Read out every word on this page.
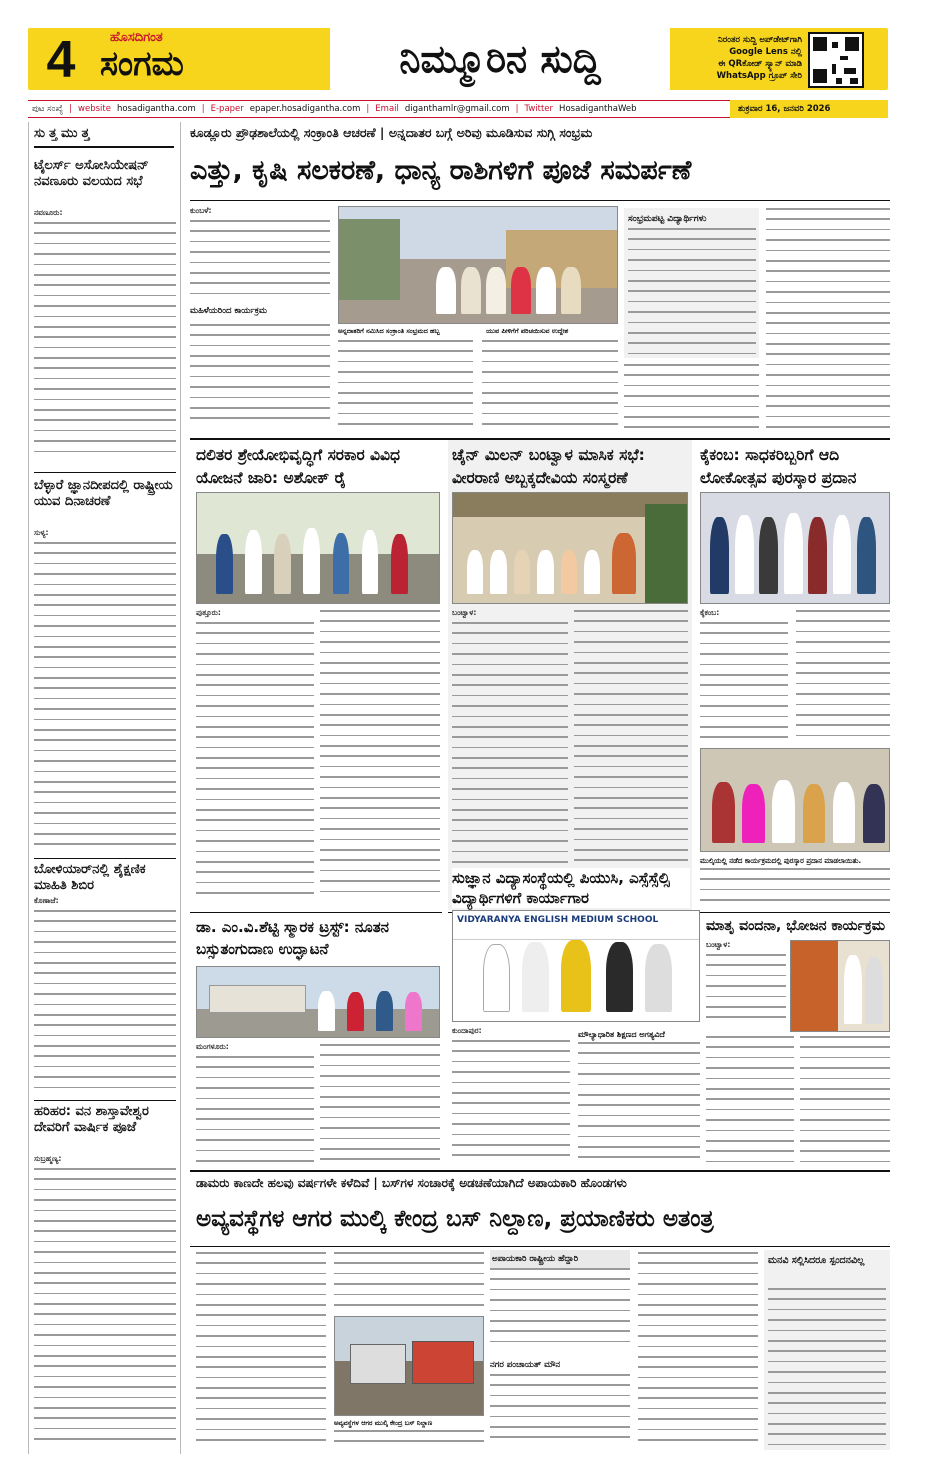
4	ಹೊಸದಿಗಂತ
ಸಂಗಮ	ನಿಮ್ಮೂರಿನ ಸುದ್ದಿ	ನಿರಂತರ ಸುದ್ದಿ ಅಪ್‌ಡೇಟ್‌ಗಾಗಿ
Google Lens ನಲ್ಲಿ
ಈ QRಕೋಡ್ ಸ್ಕ್ಯಾನ್ ಮಾಡಿ
WhatsApp ಗ್ರೂಪ್ ಸೇರಿ
ಪುಟ ಸಂಖ್ಯೆ | website hosadigantha.com | E-paper epaper.hosadigantha.com | Email diganthamlr@gmail.com | Twitter HosadiganthaWeb	ಶುಕ್ರವಾರ 16, ಜನವರಿ 2026
ಸುತ್ತಮುತ್ತ
ಟೈಲರ್ಸ್ ಅಸೋಸಿಯೇಷನ್ ನವಣೂರು ವಲಯದ ಸಭೆ
ನವಣೂರು:
ಬೆಳ್ಳಾರೆ ಜ್ಞಾನದೀಪದಲ್ಲಿ ರಾಷ್ಟ್ರೀಯ ಯುವ ದಿನಾಚರಣೆ
ಸುಳ್ಯ:
ಬೋಳಿಯಾರ್‌ನಲ್ಲಿ ಶೈಕ್ಷಣಿಕ ಮಾಹಿತಿ ಶಿಬಿರ
ಕೊಣಾಜೆ:
ಹರಿಹರ: ವನ ಶಾಸ್ತಾವೇಶ್ವರ ದೇವರಿಗೆ ವಾರ್ಷಿಕ ಪೂಜೆ
ಸುಬ್ರಹ್ಮಣ್ಯ:
ಕೂಡ್ಲೂರು ಪ್ರೌಢಶಾಲೆಯಲ್ಲಿ ಸಂಕ್ರಾಂತಿ ಆಚರಣೆ | ಅನ್ನದಾತರ ಬಗ್ಗೆ ಅರಿವು ಮೂಡಿಸುವ ಸುಗ್ಗಿ ಸಂಭ್ರಮ
ಎತ್ತು, ಕೃಷಿ ಸಲಕರಣೆ, ಧಾನ್ಯ ರಾಶಿಗಳಿಗೆ ಪೂಜೆ ಸಮರ್ಪಣೆ
ಕುಂಬಳೆ:
ಮಹಿಳೆಯರಿಂದ ಕಾರ್ಯಕ್ರಮ
ಅನ್ನದಾತರಿಗೆ ನಮಿಸಿದ ಸಂಕ್ರಾಂತಿ ಸಂಭ್ರಮದ ಹಬ್ಬ	ಯುವ ಪೀಳಿಗೆಗೆ ಪರಿಚಯಿಸುವ ಉದ್ದೇಶ
ಸಂಭ್ರಮಪಟ್ಟ ವಿದ್ಯಾರ್ಥಿಗಳು
ದಲಿತರ ಶ್ರೇಯೋಭಿವೃದ್ಧಿಗೆ ಸರಕಾರ ವಿವಿಧ ಯೋಜನೆ ಜಾರಿ: ಅಶೋಕ್ ರೈ
ಪುತ್ತೂರು:
ಚೈನ್ ಮಿಲನ್ ಬಂಟ್ವಾಳ ಮಾಸಿಕ ಸಭೆ: ವೀರರಾಣಿ ಅಬ್ಬಕ್ಕದೇವಿಯ ಸಂಸ್ಮರಣೆ
ಬಂಟ್ವಾಳ:
ಕೈಕಂಬ: ಸಾಧಕರಿಬ್ಬರಿಗೆ ಆದಿ ಲೋಕೋತ್ಸವ ಪುರಸ್ಕಾರ ಪ್ರದಾನ
ಕೈಕಂಬ:
ಮುಲ್ಕಿಯಲ್ಲಿ ನಡೆದ ಕಾರ್ಯಕ್ರಮದಲ್ಲಿ ಪುರಸ್ಕಾರ ಪ್ರದಾನ ಮಾಡಲಾಯಿತು.
ಸುಜ್ಞಾನ ವಿದ್ಯಾಸಂಸ್ಥೆಯಲ್ಲಿ ಪಿಯುಸಿ, ಎಸ್ಸೆಸ್ಸೆಲ್ಸಿ ವಿದ್ಯಾರ್ಥಿಗಳಿಗೆ ಕಾರ್ಯಾಗಾರ
VIDYARANYA ENGLISH MEDIUM SCHOOL
ಕುಂದಾಪುರ:	ಮೌಲ್ಯಾಧಾರಿತ ಶಿಕ್ಷಣದ ಅಗತ್ಯವಿದೆ
ಡಾ. ಎಂ.ವಿ.ಶೆಟ್ಟಿ ಸ್ಮಾರಕ ಟ್ರಸ್ಟ್: ನೂತನ ಬಸ್ಸುತಂಗುದಾಣ ಉದ್ಘಾಟನೆ
ಮಂಗಳೂರು:
ಮಾತೃ ವಂದನಾ, ಭೋಜನ ಕಾರ್ಯಕ್ರಮ
ಬಂಟ್ವಾಳ:
ಡಾಮರು ಕಾಣದೇ ಹಲವು ವರ್ಷಗಳೇ ಕಳೆದಿವೆ | ಬಸ್‌ಗಳ ಸಂಚಾರಕ್ಕೆ ಅಡಚಣೆಯಾಗಿದೆ ಅಪಾಯಕಾರಿ ಹೊಂಡಗಳು
ಅವ್ಯವಸ್ಥೆಗಳ ಆಗರ ಮುಲ್ಕಿ ಕೇಂದ್ರ ಬಸ್ ನಿಲ್ದಾಣ, ಪ್ರಯಾಣಿಕರು ಅತಂತ್ರ
ಅವ್ಯವಸ್ಥೆಗಳ ಆಗರ ಮುಲ್ಕಿ ಕೇಂದ್ರ ಬಸ್ ನಿಲ್ದಾಣ
ಅಪಾಯಕಾರಿ ರಾಷ್ಟ್ರೀಯ ಹೆದ್ದಾರಿ
ನಗರ ಪಂಚಾಯತ್ ಮೌನ
ಮನವಿ ಸಲ್ಲಿಸಿದರೂ ಸ್ಪಂದನವಿಲ್ಲ
